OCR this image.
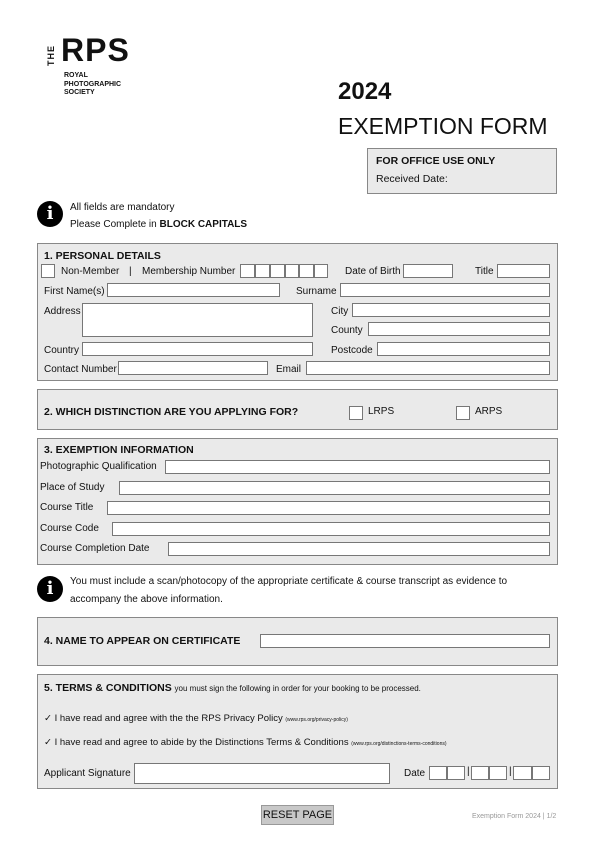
THE RPS
ROYAL
PHOTOGRAPHIC
SOCIETY	2024
EXEMPTION FORM
FOR OFFICE USE ONLY
Received Date:
i	All fields are mandatory
Please Complete in BLOCK CAPITALS
1. PERSONAL DETAILS
Non-Member | Membership Number	Date of Birth	Title
First Name(s)	Surname
Address	City
County
Country	Postcode
Contact Number	Email
2. WHICH DISTINCTION ARE YOU APPLYING FOR?	LRPS	ARPS
3. EXEMPTION INFORMATION
Photographic Qualification
Place of Study
Course Title
Course Code
Course Completion Date
i	You must include a scan/photocopy of the appropriate certificate & course transcript as evidence to
accompany the above information.
4. NAME TO APPEAR ON CERTIFICATE
5. TERMS & CONDITIONS you must sign the following in order for your booking to be processed.
✓ I have read and agree with the the RPS Privacy Policy (www.rps.org/privacy-policy)
✓ I have read and agree to abide by the Distinctions Terms & Conditions (www.rps.org/distinctions-terms-conditions)
Applicant Signature	Date	|	|
RESET PAGE	Exemption Form 2024 | 1/2
